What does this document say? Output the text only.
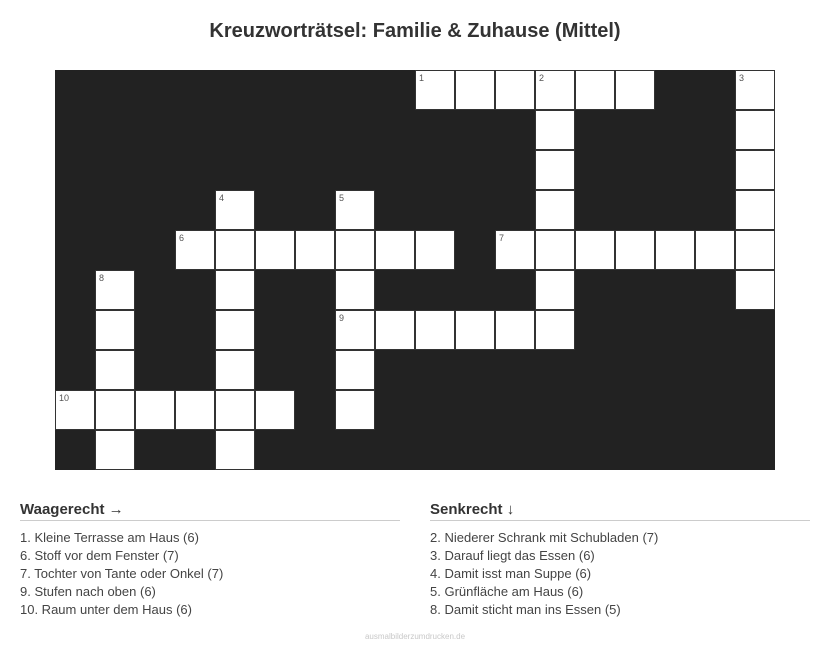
Kreuzworträtsel: Familie & Zuhause (Mittel)
1	2	3
4	5
6	7
8
9
10
Waagerecht →
1. Kleine Terrasse am Haus (6)
6. Stoff vor dem Fenster (7)
7. Tochter von Tante oder Onkel (7)
9. Stufen nach oben (6)
10. Raum unter dem Haus (6)
Senkrecht ↓
2. Niederer Schrank mit Schubladen (7)
3. Darauf liegt das Essen (6)
4. Damit isst man Suppe (6)
5. Grünfläche am Haus (6)
8. Damit sticht man ins Essen (5)
ausmalbilderzumdrucken.de
